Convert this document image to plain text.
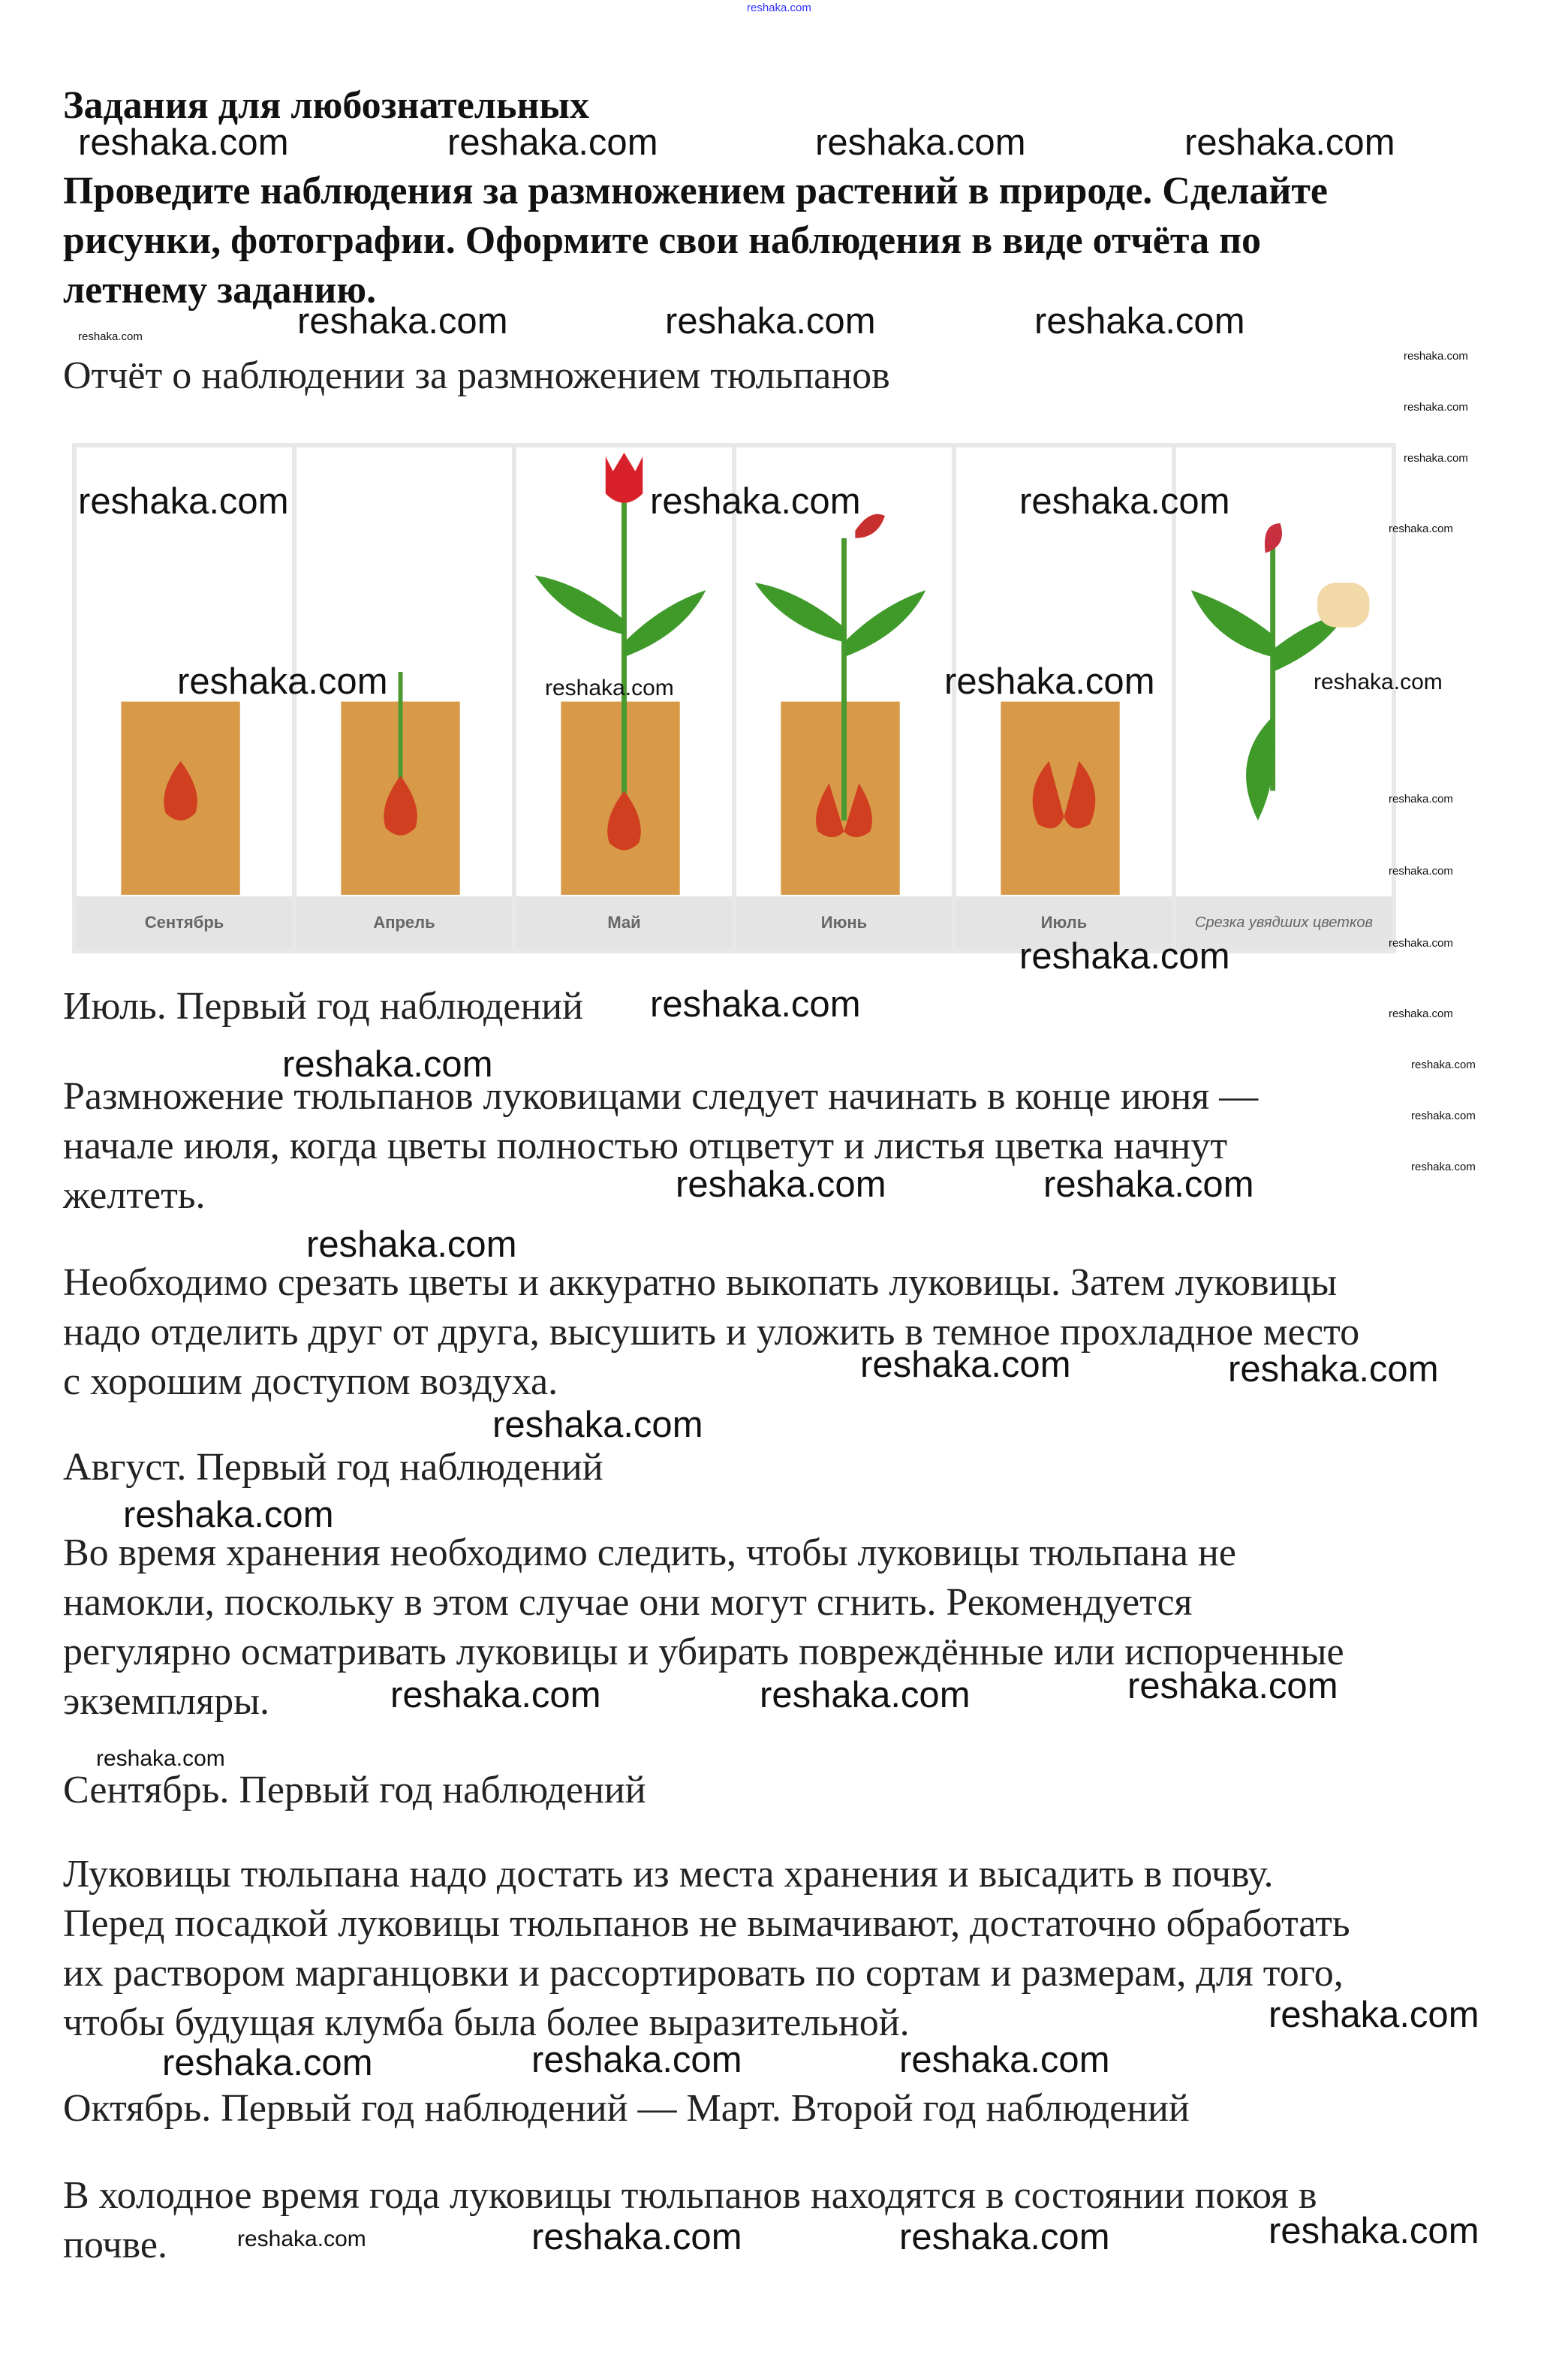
reshaka.com
Задания для любознательных
Проведите наблюдения за размножением растений в природе. Сделайте
рисунки, фотографии. Оформите свои наблюдения в виде отчёта по
летнему заданию.
Отчёт о наблюдении за размножением тюльпанов
Сентябрь	Апрель	Май	Июнь	Июль	Срезка увядших цветков
Июль. Первый год наблюдений
Размножение тюльпанов луковицами следует начинать в конце июня —
начале июля, когда цветы полностью отцветут и листья цветка начнут
желтеть.
Необходимо срезать цветы и аккуратно выкопать луковицы. Затем луковицы
надо отделить друг от друга, высушить и уложить в темное прохладное место
с хорошим доступом воздуха.
Август. Первый год наблюдений
Во время хранения необходимо следить, чтобы луковицы тюльпана не
намокли, поскольку в этом случае они могут сгнить. Рекомендуется
регулярно осматривать луковицы и убирать повреждённые или испорченные
экземпляры.
Сентябрь. Первый год наблюдений
Луковицы тюльпана надо достать из места хранения и высадить в почву.
Перед посадкой луковицы тюльпанов не вымачивают, достаточно обработать
их раствором марганцовки и рассортировать по сортам и размерам, для того,
чтобы будущая клумба была более выразительной.
Октябрь. Первый год наблюдений — Март. Второй год наблюдений
В холодное время года луковицы тюльпанов находятся в состоянии покоя в
почве.
reshaka.com	reshaka.com	reshaka.com	reshaka.com
reshaka.com	reshaka.com	reshaka.com
reshaka.com	reshaka.com	reshaka.com
reshaka.com	reshaka.com
reshaka.com	reshaka.com
reshaka.com
reshaka.com
reshaka.com
reshaka.com	reshaka.com
reshaka.com
reshaka.com	reshaka.com
reshaka.com
reshaka.com
reshaka.com	reshaka.com	reshaka.com
reshaka.com
reshaka.com
reshaka.com	reshaka.com	reshaka.com
reshaka.com	reshaka.com	reshaka.com	reshaka.com
reshaka.com
reshaka.com
reshaka.com
reshaka.com
reshaka.com
reshaka.com
reshaka.com
reshaka.com
reshaka.com
reshaka.com
reshaka.com
reshaka.com
